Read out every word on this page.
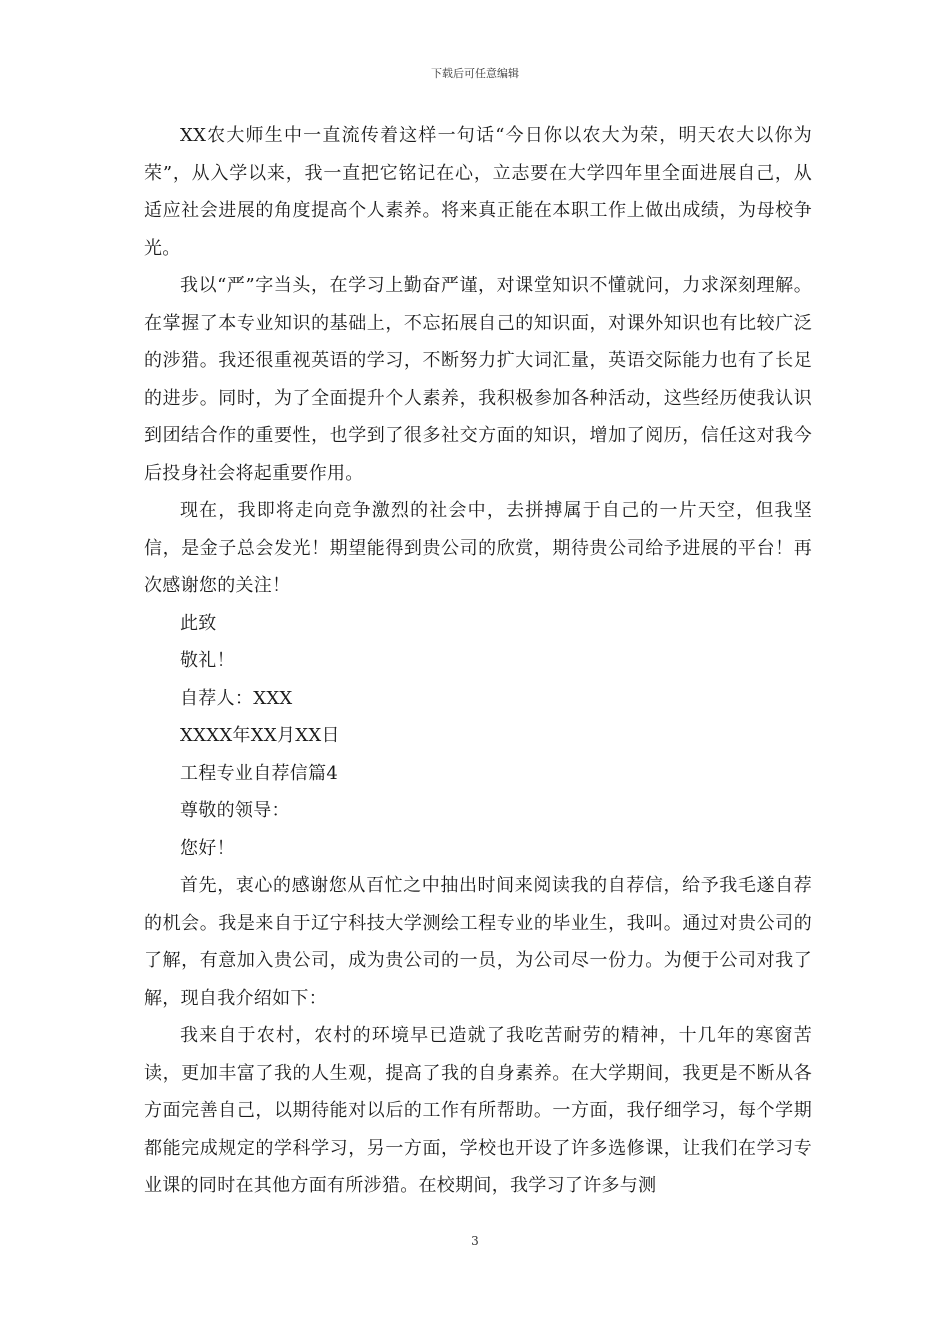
下载后可任意编辑

XX农大师生中一直流传着这样一句话“今日你以农大为荣，明天农大以你为荣”，从入学以来，我一直把它铭记在心，立志要在大学四年里全面进展自己，从适应社会进展的角度提高个人素养。将来真正能在本职工作上做出成绩，为母校争光。

我以“严”字当头，在学习上勤奋严谨，对课堂知识不懂就问，力求深刻理解。在掌握了本专业知识的基础上，不忘拓展自己的知识面，对课外知识也有比较广泛的涉猎。我还很重视英语的学习，不断努力扩大词汇量，英语交际能力也有了长足的进步。同时，为了全面提升个人素养，我积极参加各种活动，这些经历使我认识到团结合作的重要性，也学到了很多社交方面的知识，增加了阅历，信任这对我今后投身社会将起重要作用。

现在，我即将走向竞争激烈的社会中，去拼搏属于自己的一片天空，但我坚信，是金子总会发光！期望能得到贵公司的欣赏，期待贵公司给予进展的平台！再次感谢您的关注！

此致

敬礼！

自荐人：XXX

XXXX年XX月XX日

工程专业自荐信篇4

尊敬的领导：

您好！

首先，衷心的感谢您从百忙之中抽出时间来阅读我的自荐信，给予我毛遂自荐的机会。我是来自于辽宁科技大学测绘工程专业的毕业生，我叫。通过对贵公司的了解，有意加入贵公司，成为贵公司的一员，为公司尽一份力。为便于公司对我了解，现自我介绍如下：

我来自于农村，农村的环境早已造就了我吃苦耐劳的精神，十几年的寒窗苦读，更加丰富了我的人生观，提高了我的自身素养。在大学期间，我更是不断从各方面完善自己，以期待能对以后的工作有所帮助。一方面，我仔细学习，每个学期都能完成规定的学科学习，另一方面，学校也开设了许多选修课，让我们在学习专业课的同时在其他方面有所涉猎。在校期间，我学习了许多与测

3
